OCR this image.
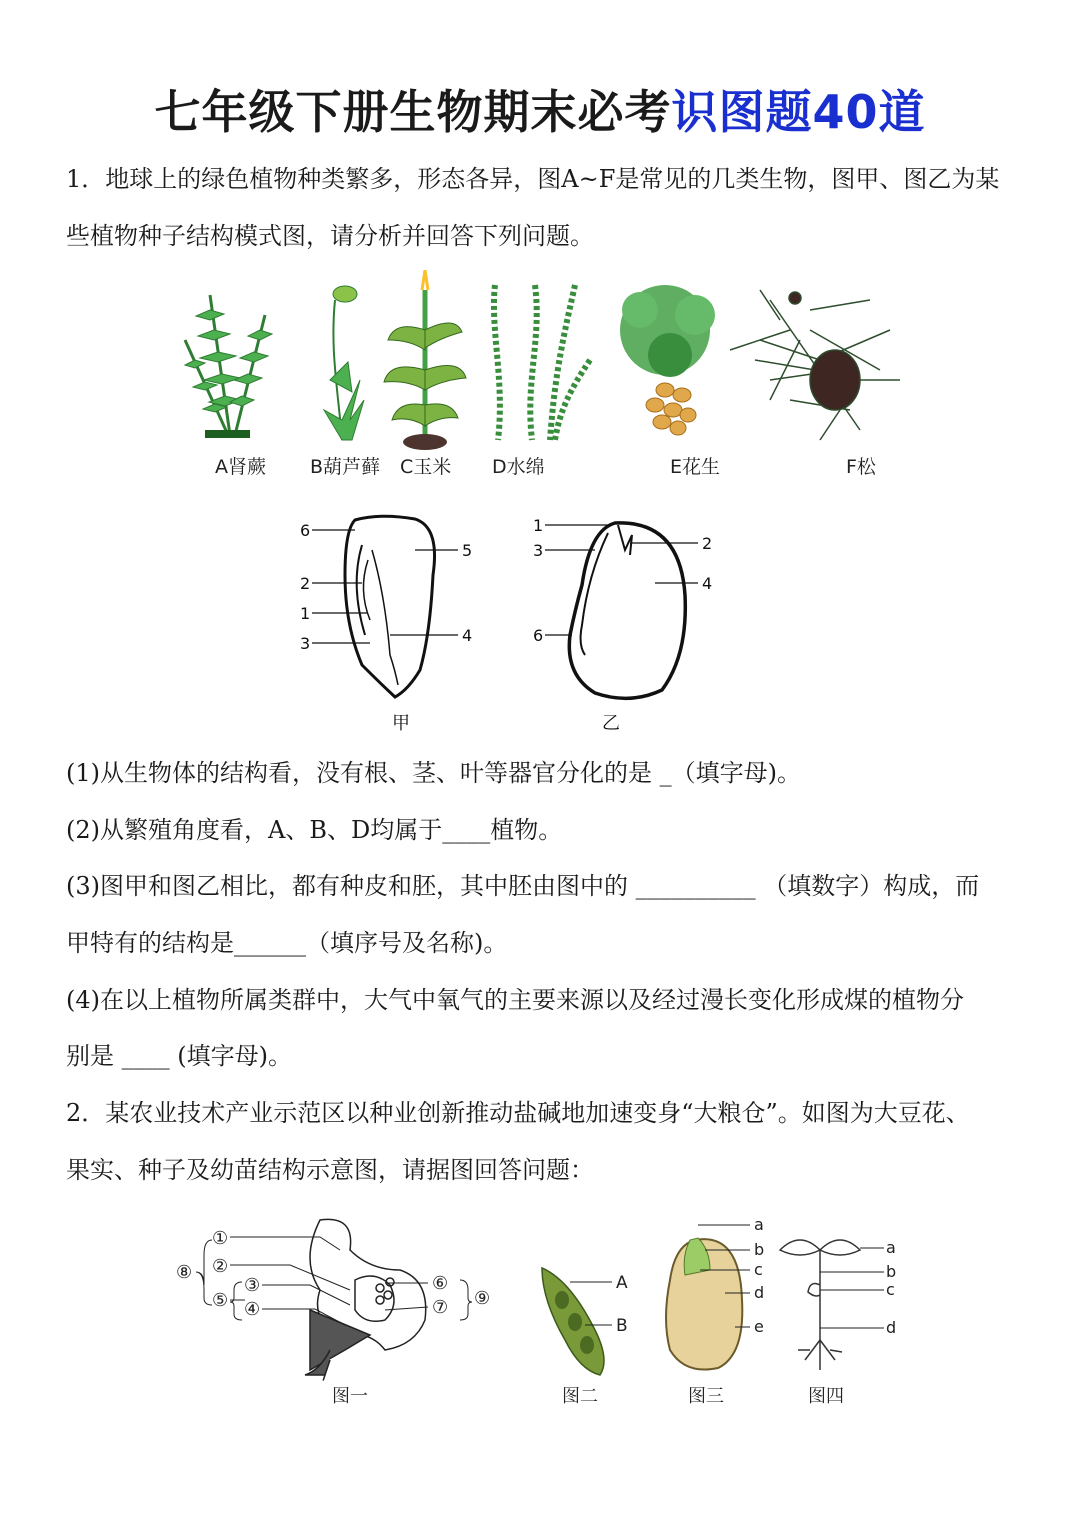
七年级下册生物期末必考识图题40道
1．地球上的绿色植物种类繁多，形态各异，图A~F是常见的几类生物，图甲、图乙为某
些植物种子结构模式图，请分析并回答下列问题。
A肾蕨 B葫芦藓 C玉米 D水绵	E花生	F松
6
5
2
1
3	4
甲
1
2
3
4
6
乙
(1)从生物体的结构看，没有根、茎、叶等器官分化的是 _（填字母)。
(2)从繁殖角度看，A、B、D均属于____植物。
(3)图甲和图乙相比，都有种皮和胚，其中胚由图中的 __________ （填数字）构成，而
甲特有的结构是______（填序号及名称)。
(4)在以上植物所属类群中，大气中氧气的主要来源以及经过漫长变化形成煤的植物分
别是 ____ (填字母)。
2．某农业技术产业示范区以种业创新推动盐碱地加速变身“大粮仓”。如图为大豆花、
果实、种子及幼苗结构示意图，请据图回答问题：
①
②
③
④
⑤
⑥
⑦
⑧
⑨
图一
A
B
图二
a
b
c
d
e
图三
a
b
c
d
图四
